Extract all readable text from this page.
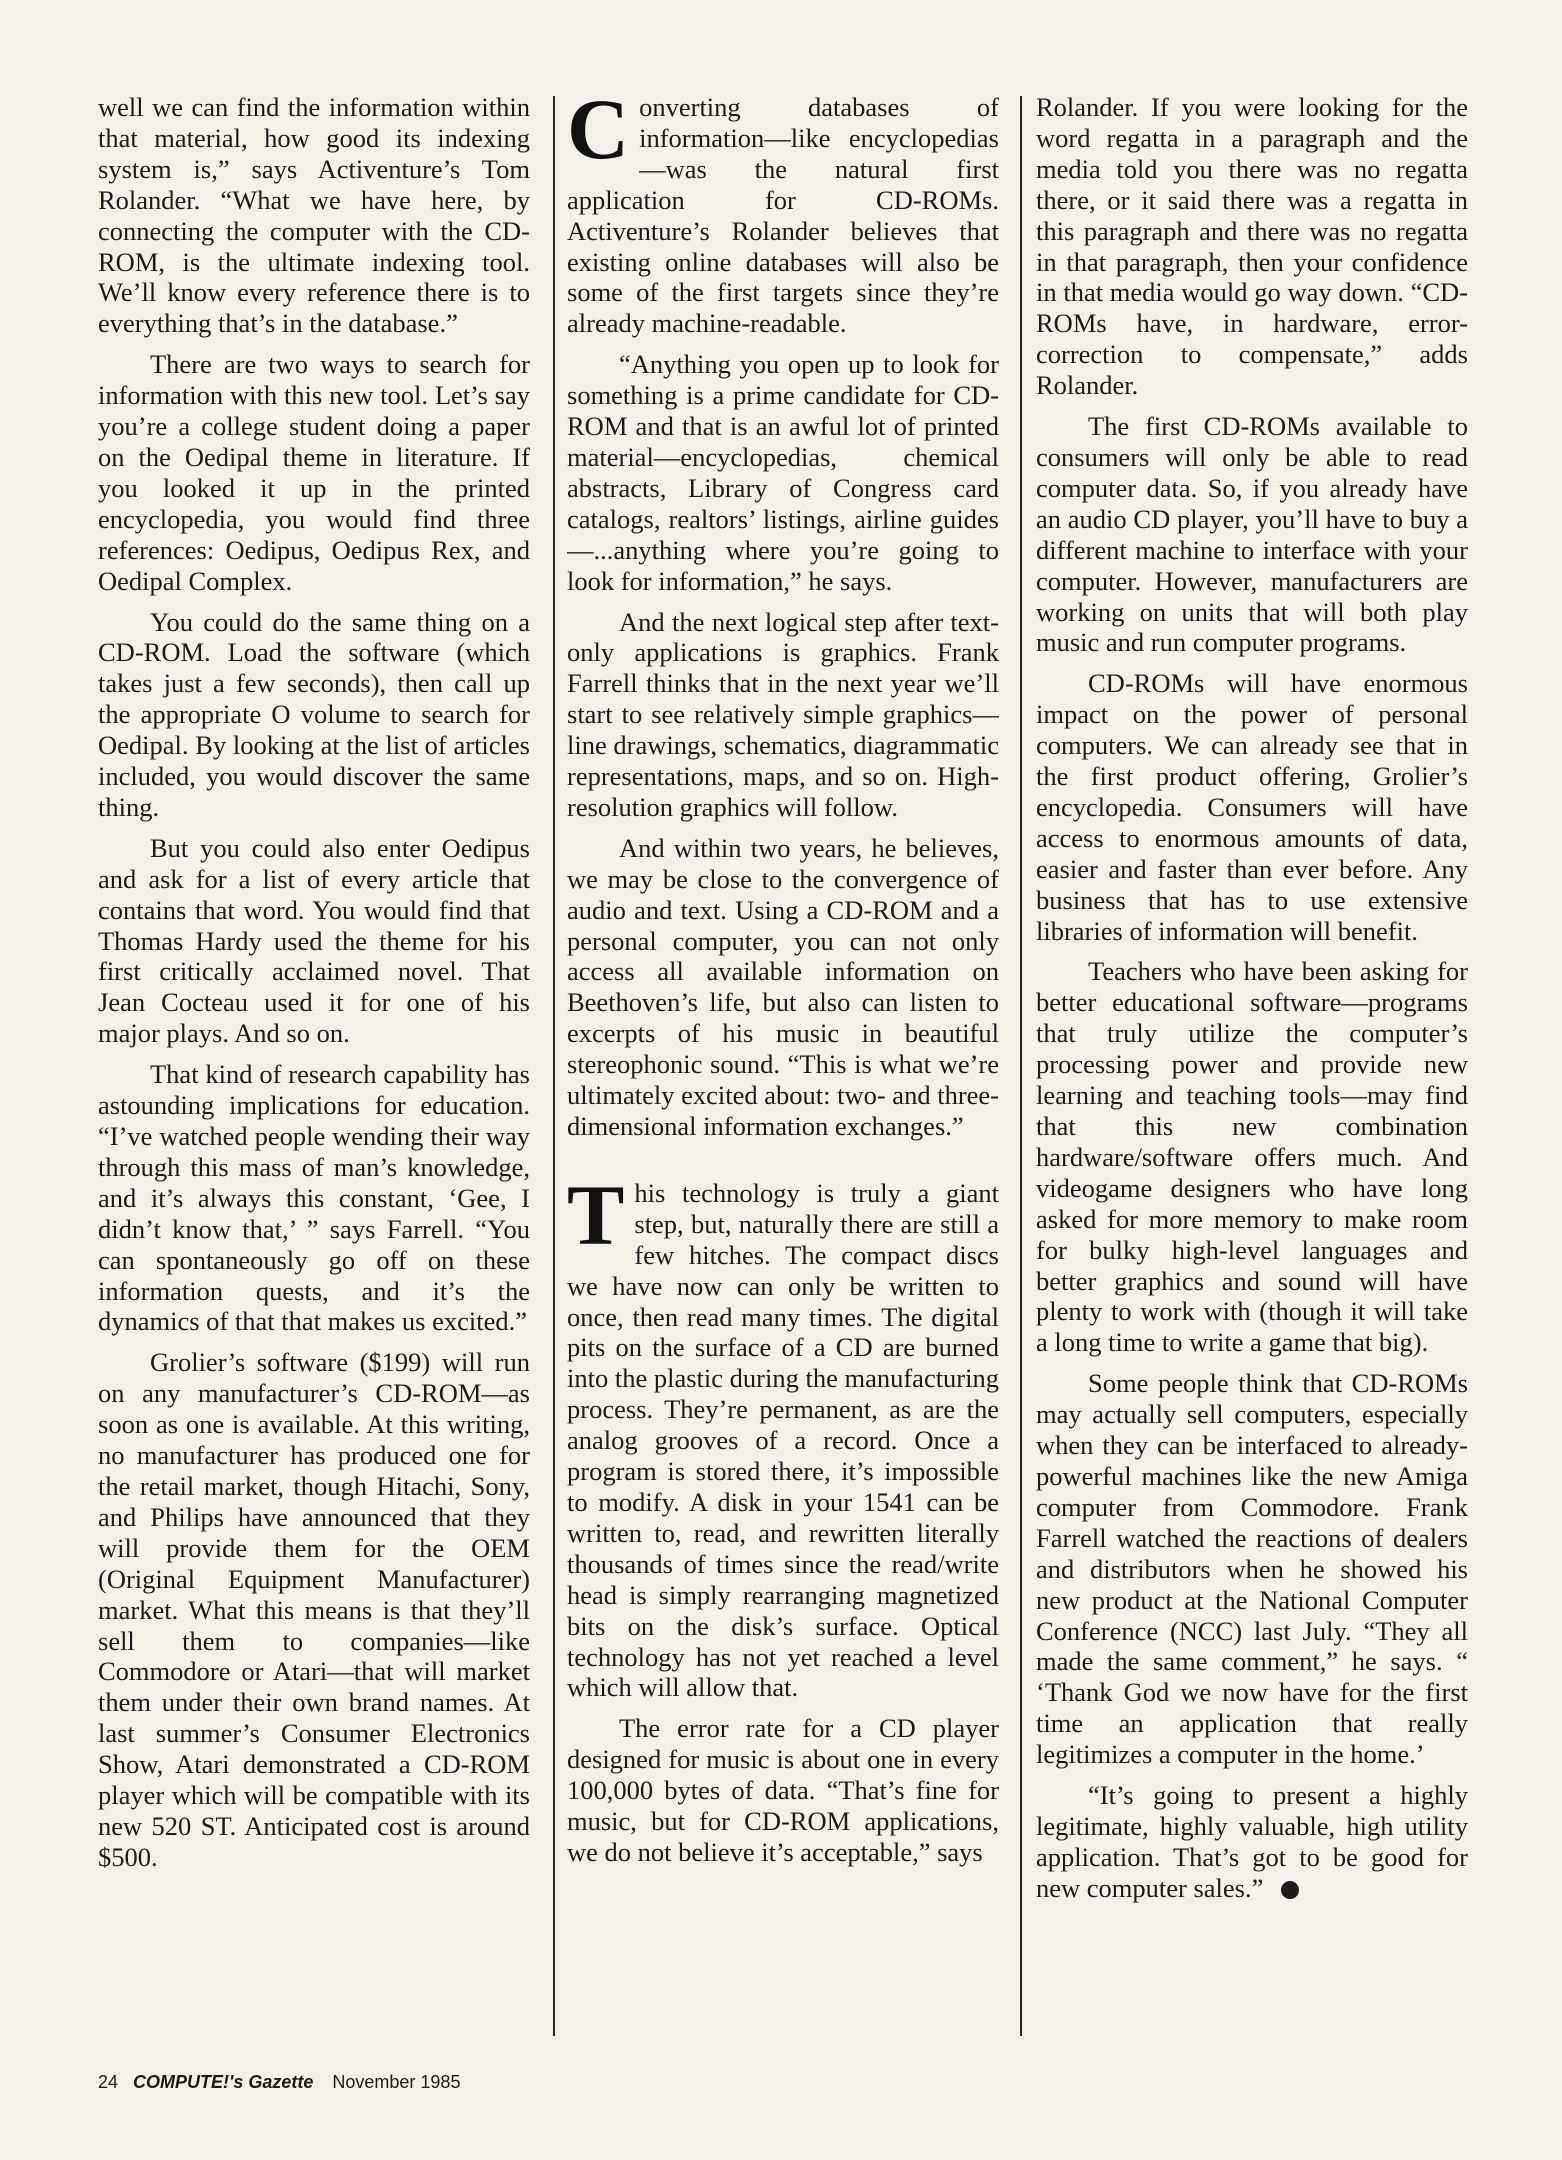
well we can find the information within that material, how good its indexing system is,” says Activenture’s Tom Rolander. “What we have here, by connecting the computer with the CD-ROM, is the ultimate indexing tool. We’ll know every reference there is to everything that’s in the database.”

There are two ways to search for information with this new tool. Let’s say you’re a college student doing a paper on the Oedipal theme in literature. If you looked it up in the printed encyclopedia, you would find three references: Oedipus, Oedipus Rex, and Oedipal Complex.

You could do the same thing on a CD-ROM. Load the software (which takes just a few seconds), then call up the appropriate O volume to search for Oedipal. By looking at the list of articles included, you would discover the same thing.

But you could also enter Oedipus and ask for a list of every article that contains that word. You would find that Thomas Hardy used the theme for his first critically acclaimed novel. That Jean Cocteau used it for one of his major plays. And so on.

That kind of research capability has astounding implications for education. “I’ve watched people wending their way through this mass of man’s knowledge, and it’s always this constant, ‘Gee, I didn’t know that,’ ” says Farrell. “You can spontaneously go off on these information quests, and it’s the dynamics of that that makes us excited.”

Grolier’s software ($199) will run on any manufacturer’s CD-ROM—as soon as one is available. At this writing, no manufacturer has produced one for the retail market, though Hitachi, Sony, and Philips have announced that they will provide them for the OEM (Original Equipment Manufacturer) market. What this means is that they’ll sell them to companies—like Commodore or Atari—that will market them under their own brand names. At last summer’s Consumer Electronics Show, Atari demonstrated a CD-ROM player which will be compatible with its new 520 ST. Anticipated cost is around $500.

C onverting databases of information—like encyclopedias—was the natural first application for CD-ROMs. Activenture’s Rolander believes that existing online databases will also be some of the first targets since they’re already machine-readable.

“Anything you open up to look for something is a prime candidate for CD-ROM and that is an awful lot of printed material—encyclopedias, chemical abstracts, Library of Congress card catalogs, realtors’ listings, airline guides—...anything where you’re going to look for information,” he says.

And the next logical step after text-only applications is graphics. Frank Farrell thinks that in the next year we’ll start to see relatively simple graphics—line drawings, schematics, diagrammatic representations, maps, and so on. High-resolution graphics will follow.

And within two years, he believes, we may be close to the convergence of audio and text. Using a CD-ROM and a personal computer, you can not only access all available information on Beethoven’s life, but also can listen to excerpts of his music in beautiful stereophonic sound. “This is what we’re ultimately excited about: two- and three-dimensional information exchanges.”

T his technology is truly a giant step, but, naturally there are still a few hitches. The compact discs we have now can only be written to once, then read many times. The digital pits on the surface of a CD are burned into the plastic during the manufacturing process. They’re permanent, as are the analog grooves of a record. Once a program is stored there, it’s impossible to modify. A disk in your 1541 can be written to, read, and rewritten literally thousands of times since the read/write head is simply rearranging magnetized bits on the disk’s surface. Optical technology has not yet reached a level which will allow that.

The error rate for a CD player designed for music is about one in every 100,000 bytes of data. “That’s fine for music, but for CD-ROM applications, we do not believe it’s acceptable,” says

Rolander. If you were looking for the word regatta in a paragraph and the media told you there was no regatta there, or it said there was a regatta in this paragraph and there was no regatta in that paragraph, then your confidence in that media would go way down. “CD-ROMs have, in hardware, error-correction to compensate,” adds Rolander.

The first CD-ROMs available to consumers will only be able to read computer data. So, if you already have an audio CD player, you’ll have to buy a different machine to interface with your computer. However, manufacturers are working on units that will both play music and run computer programs.

CD-ROMs will have enormous impact on the power of personal computers. We can already see that in the first product offering, Grolier’s encyclopedia. Consumers will have access to enormous amounts of data, easier and faster than ever before. Any business that has to use extensive libraries of information will benefit.

Teachers who have been asking for better educational software—programs that truly utilize the computer’s processing power and provide new learning and teaching tools—may find that this new combination hardware/software offers much. And videogame designers who have long asked for more memory to make room for bulky high-level languages and better graphics and sound will have plenty to work with (though it will take a long time to write a game that big).

Some people think that CD-ROMs may actually sell computers, especially when they can be interfaced to already-powerful machines like the new Amiga computer from Commodore. Frank Farrell watched the reactions of dealers and distributors when he showed his new product at the National Computer Conference (NCC) last July. “They all made the same comment,” he says. “ ‘Thank God we now have for the first time an application that really legitimizes a computer in the home.’

“It’s going to present a highly legitimate, highly valuable, high utility application. That’s got to be good for new computer sales.”

24 COMPUTE!'s Gazette November 1985
